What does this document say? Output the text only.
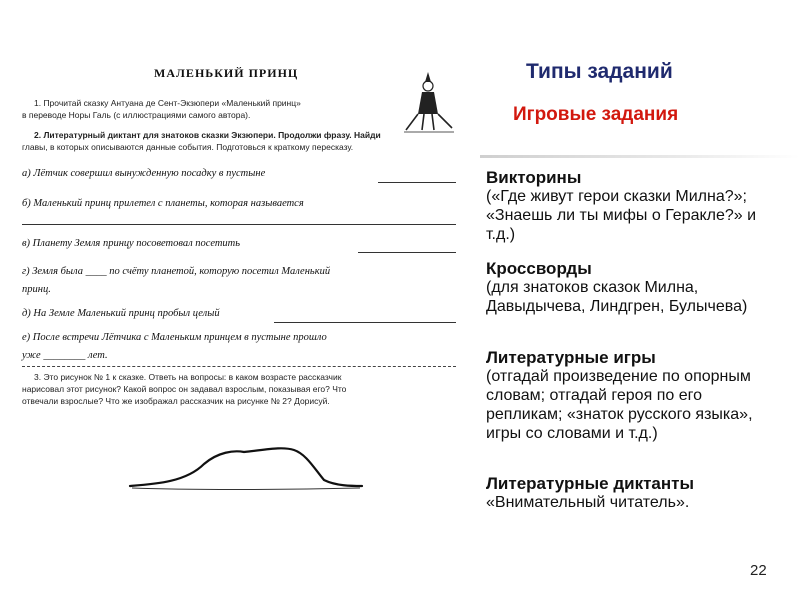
МАЛЕНЬКИЙ ПРИНЦ
1. Прочитай сказку Антуана де Сент-Экзюпери «Маленький принц»
в переводе Норы Галь (с иллюстрациями самого автора).
2. Литературный диктант для знатоков сказки Экзюпери. Продолжи фразу. Найди
главы, в которых описываются данные события. Подготовься к краткому пересказу.
а) Лётчик совершил вынужденную посадку в пустыне
б) Маленький принц прилетел с планеты, которая называется
в) Планету Земля принцу посоветовал посетить
г) Земля была ____ по счёту планетой, которую посетил Маленький
принц.
д) На Земле Маленький принц пробыл целый
е) После встречи Лётчика с Маленьким принцем в пустыне прошло
уже ________ лет.
3. Это рисунок № 1 к сказке. Ответь на вопросы: в каком возрасте рассказчик
нарисовал этот рисунок? Какой вопрос он задавал взрослым, показывая его? Что
отвечали взрослые? Что же изображал рассказчик на рисунке № 2? Дорисуй.
Типы заданий
Игровые задания
Викторины
(«Где живут герои сказки Милна?»; «Знаешь ли ты мифы о Геракле?» и т.д.)
Кроссворды
(для знатоков сказок Милна, Давыдычева, Линдгрен, Булычева)
Литературные игры
(отгадай произведение по опорным словам; отгадай героя по его репликам; «знаток русского языка», игры со словами и т.д.)
Литературные диктанты
«Внимательный читатель».
22
